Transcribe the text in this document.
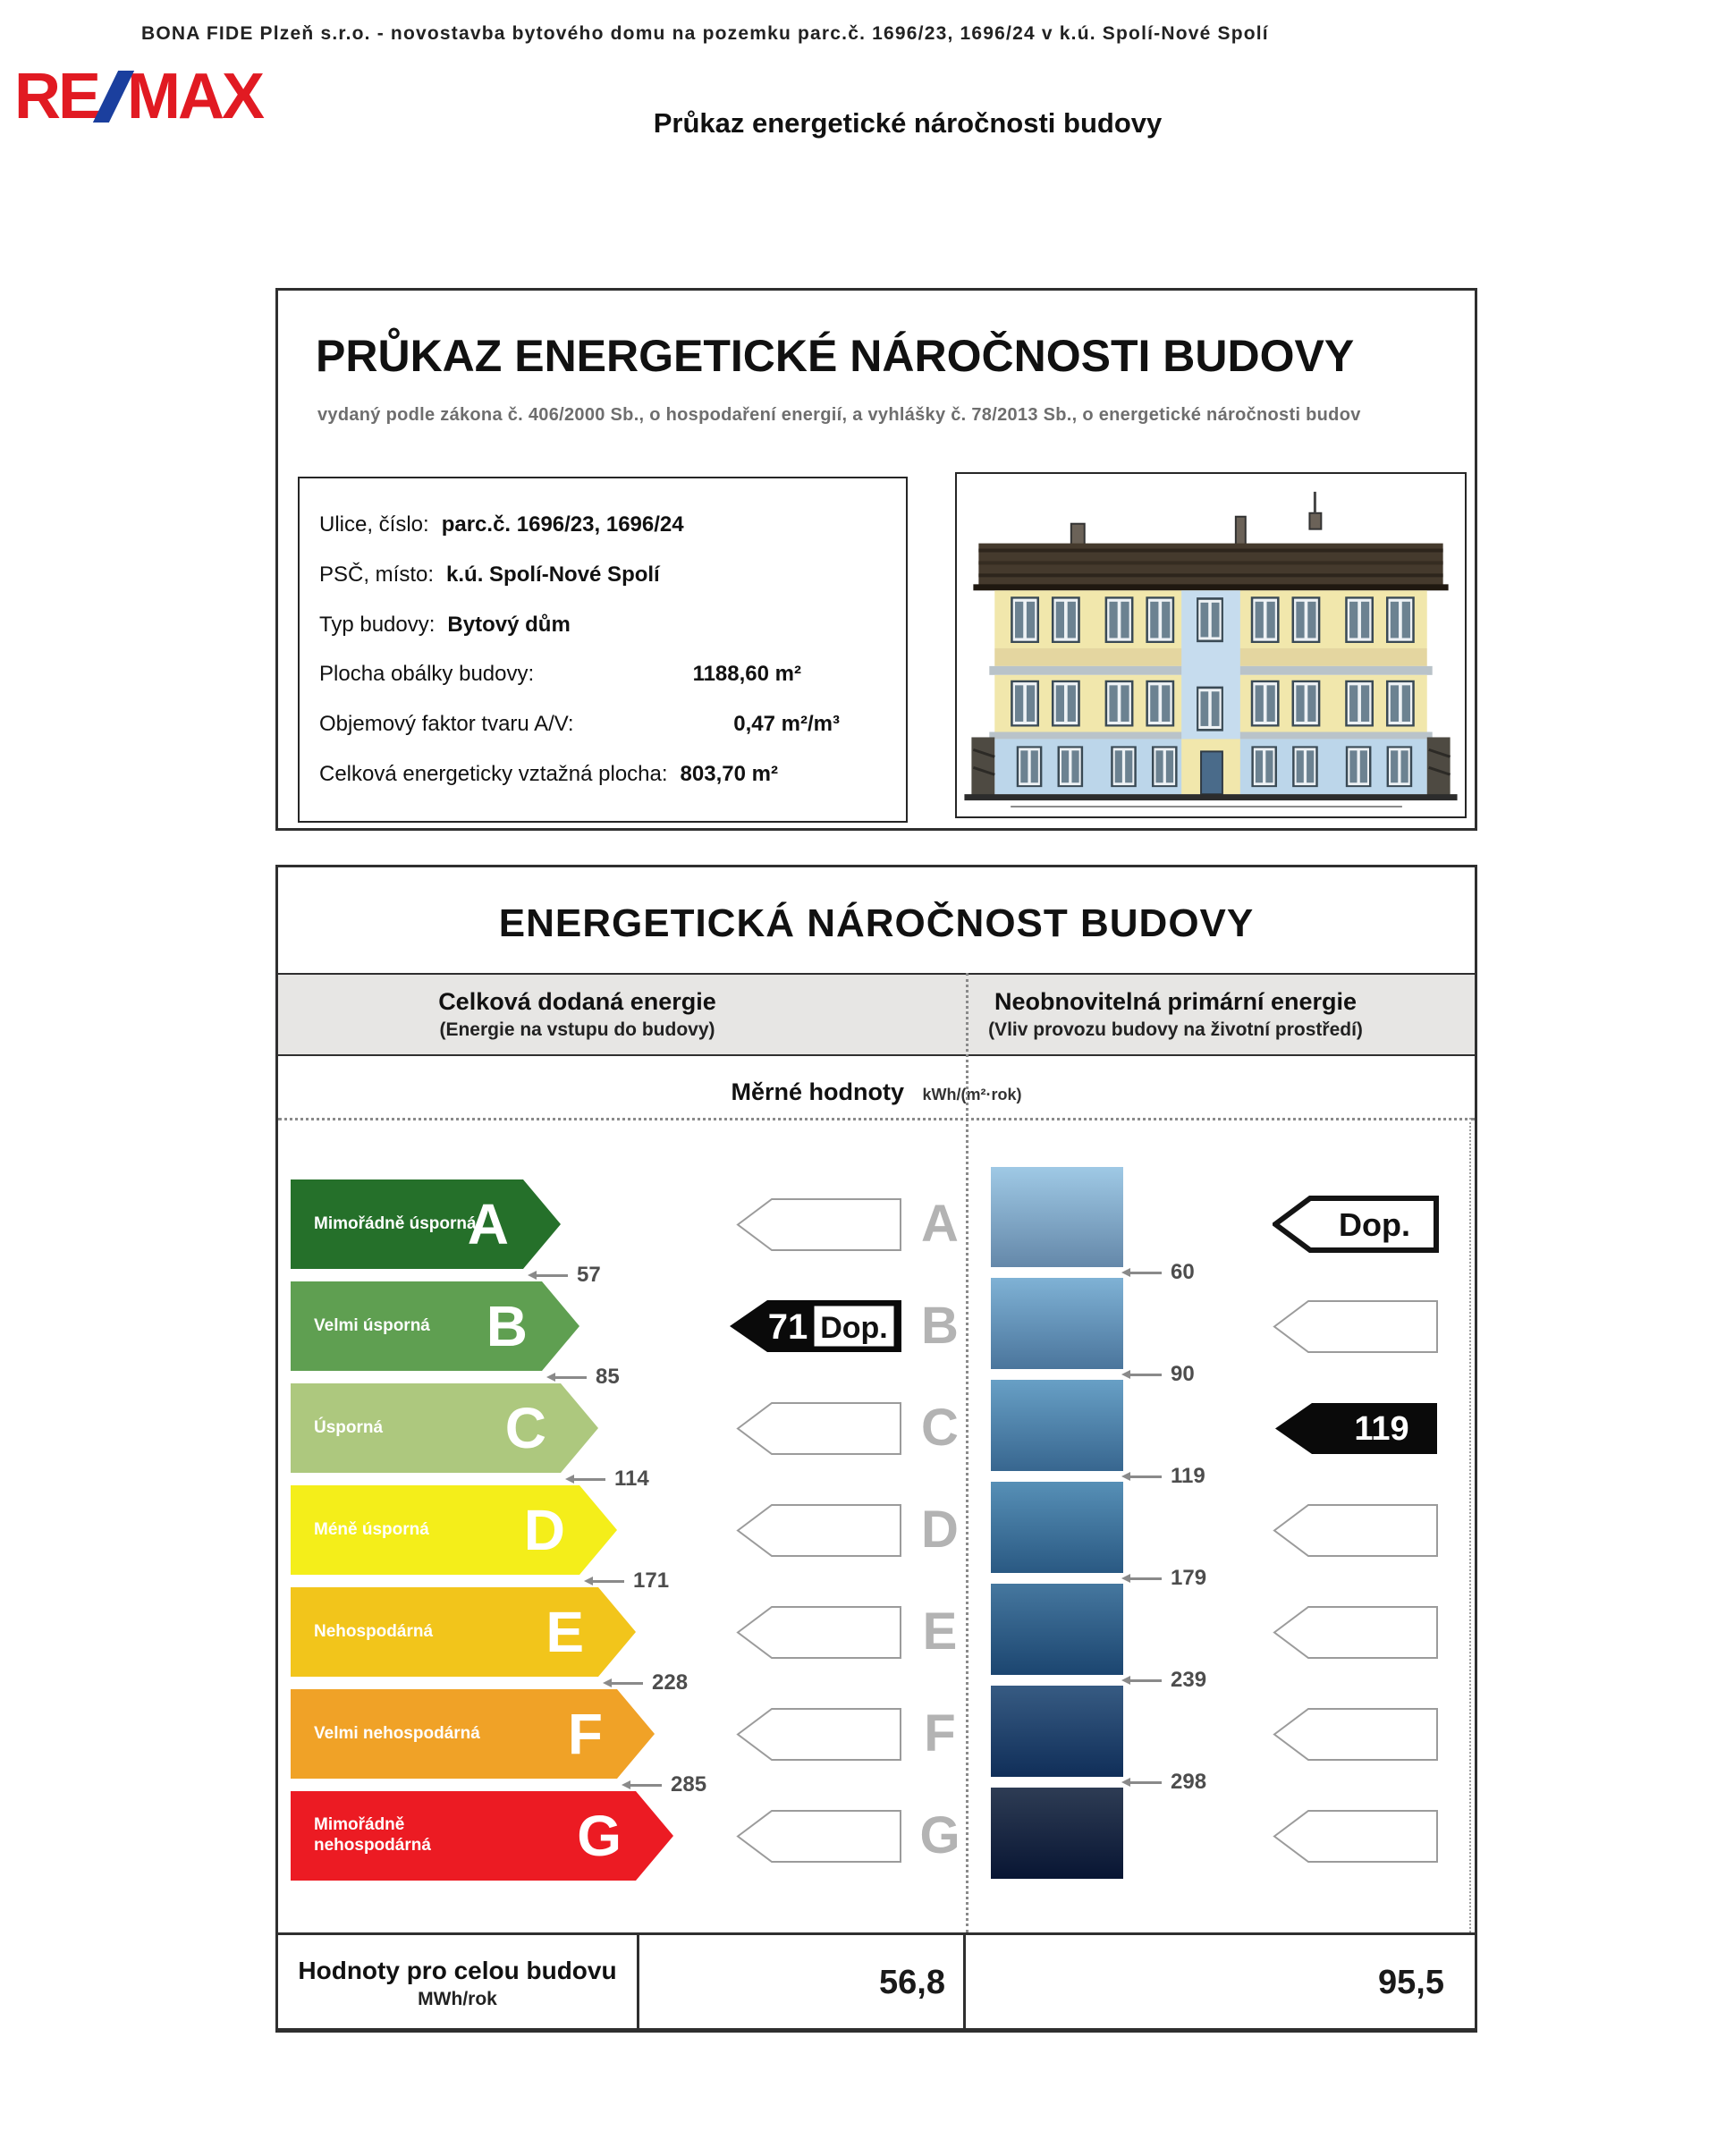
BONA FIDE Plzeň s.r.o. - novostavba bytového domu na pozemku parc.č. 1696/23, 1696/24 v k.ú. Spolí-Nové Spolí
RE MAX	Průkaz energetické náročnosti budovy
PRŮKAZ ENERGETICKÉ NÁROČNOSTI BUDOVY
vydaný podle zákona č. 406/2000 Sb., o hospodaření energií, a vyhlášky č. 78/2013 Sb., o energetické náročnosti budov
Ulice, číslo: parc.č. 1696/23, 1696/24
PSČ, místo: k.ú. Spolí-Nové Spolí
Typ budovy: Bytový dům
Plocha obálky budovy:	1188,60 m²
Objemový faktor tvaru A/V:	0,47 m²/m³
Celková energeticky vztažná plocha: 803,70 m²
ENERGETICKÁ NÁROČNOST BUDOVY
Celková dodaná energie
(Energie na vstupu do budovy)
Neobnovitelná primární energie
(Vliv provozu budovy na životní prostředí)
Měrné hodnoty kWh/(m²·rok)
Mimořádně úsporná
A
Velmi úsporná B
Úsporná	C
Méně úsporná	D
Nehospodárná	E
Velmi nehospodárná F
Mimořádně nehospodárná	G
57
85
114
171
228
285
A
71 Dop. B
C
D
E
F
G
60
90
119
179
239
298
Dop.
119
Hodnoty pro celou budovu
MWh/rok	56,8	95,5
